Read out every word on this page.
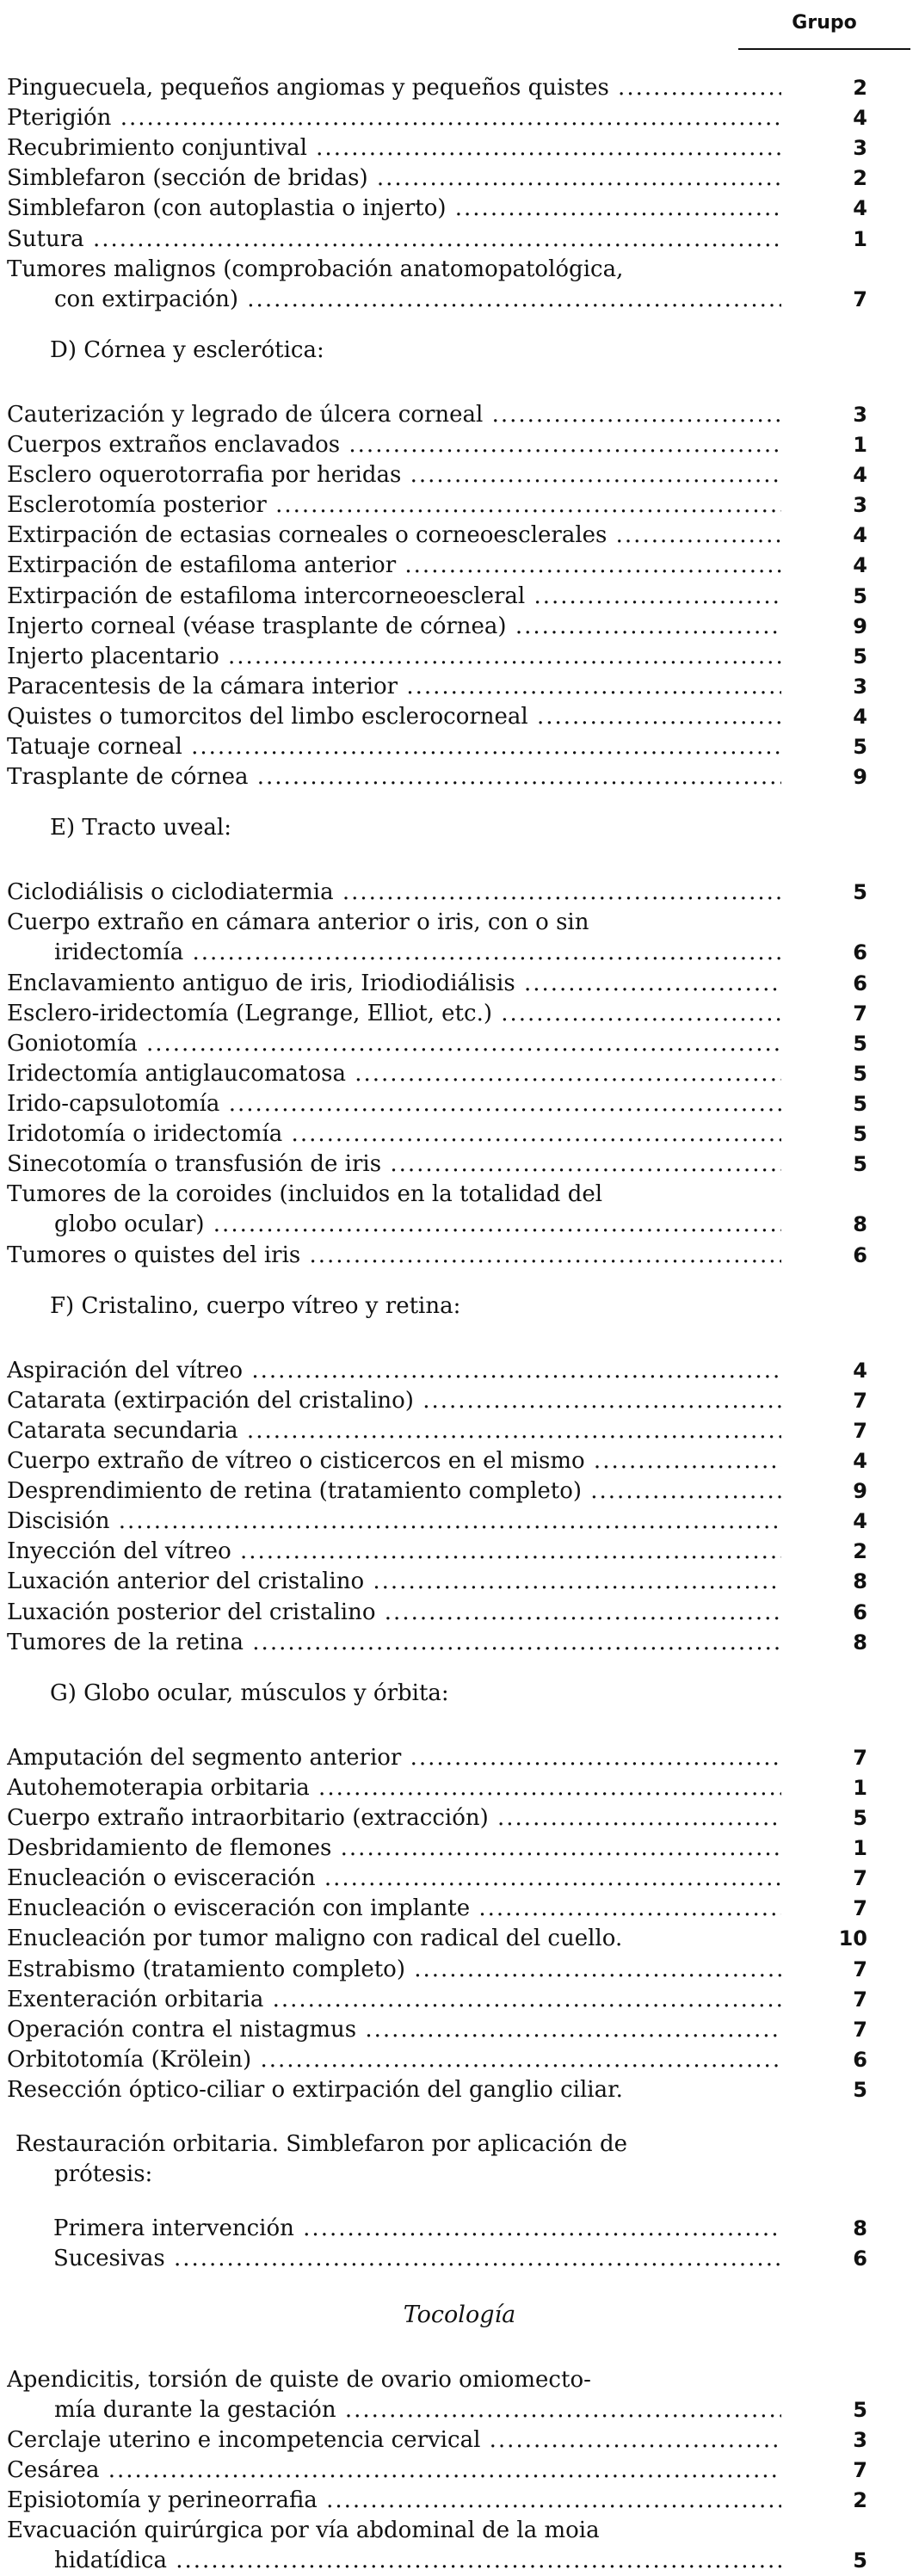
Grupo
Pinguecuela, pequeños angiomas y pequeños quistes .....	2
Pterigión .....	4
Recubrimiento conjuntival .....	3
Simblefaron (sección de bridas) .....	2
Simblefaron (con autoplastia o injerto) .....	4
Sutura .....	1
Tumores malignos (comprobación anatomopatológica,
con extirpación) .....	7
D) Córnea y esclerótica:
Cauterización y legrado de úlcera corneal .....	3
Cuerpos extraños enclavados .....	1
Esclero oquerotorrafia por heridas .....	4
Esclerotomía posterior .....	3
Extirpación de ectasias corneales o corneoesclerales .....	4
Extirpación de estafiloma anterior .....	4
Extirpación de estafiloma intercorneoescleral .....	5
Injerto corneal (véase trasplante de córnea) .....	9
Injerto placentario .....	5
Paracentesis de la cámara interior .....	3
Quistes o tumorcitos del limbo esclerocorneal .....	4
Tatuaje corneal .....	5
Trasplante de córnea .....	9
E) Tracto uveal:
Ciclodiálisis o ciclodiatermia .....	5
Cuerpo extraño en cámara anterior o iris, con o sin
iridectomía .....	6
Enclavamiento antiguo de iris, Iriodiodiálisis .....	6
Esclero-iridectomía (Legrange, Elliot, etc.) .....	7
Goniotomía .....	5
Iridectomía antiglaucomatosa .....	5
Irido-capsulotomía .....	5
Iridotomía o iridectomía .....	5
Sinecotomía o transfusión de iris .....	5
Tumores de la coroides (incluidos en la totalidad del
globo ocular) .....	8
Tumores o quistes del iris .....	6
F) Cristalino, cuerpo vítreo y retina:
Aspiración del vítreo .....	4
Catarata (extirpación del cristalino) .....	7
Catarata secundaria .....	7
Cuerpo extraño de vítreo o cisticercos en el mismo .....	4
Desprendimiento de retina (tratamiento completo) .....	9
Discisión .....	4
Inyección del vítreo .....	2
Luxación anterior del cristalino .....	8
Luxación posterior del cristalino .....	6
Tumores de la retina .....	8
G) Globo ocular, músculos y órbita:
Amputación del segmento anterior .....	7
Autohemoterapia orbitaria .....	1
Cuerpo extraño intraorbitario (extracción) .....	5
Desbridamiento de flemones .....	1
Enucleación o evisceración .....	7
Enucleación o evisceración con implante .....	7
Enucleación por tumor maligno con radical del cuello.	10
Estrabismo (tratamiento completo) .....	7
Exenteración orbitaria .....	7
Operación contra el nistagmus .....	7
Orbitotomía (Krölein) .....	6
Resección óptico-ciliar o extirpación del ganglio ciliar.	5
Restauración orbitaria. Simblefaron por aplicación de
prótesis:
Primera intervención .....	8
Sucesivas .....	6
Tocología
Apendicitis, torsión de quiste de ovario omiomecto-
mía durante la gestación .....	5
Cerclaje uterino e incompetencia cervical .....	3
Cesárea .....	7
Episiotomía y perineorrafia .....	2
Evacuación quirúrgica por vía abdominal de la moia
hidatídica .....	5
